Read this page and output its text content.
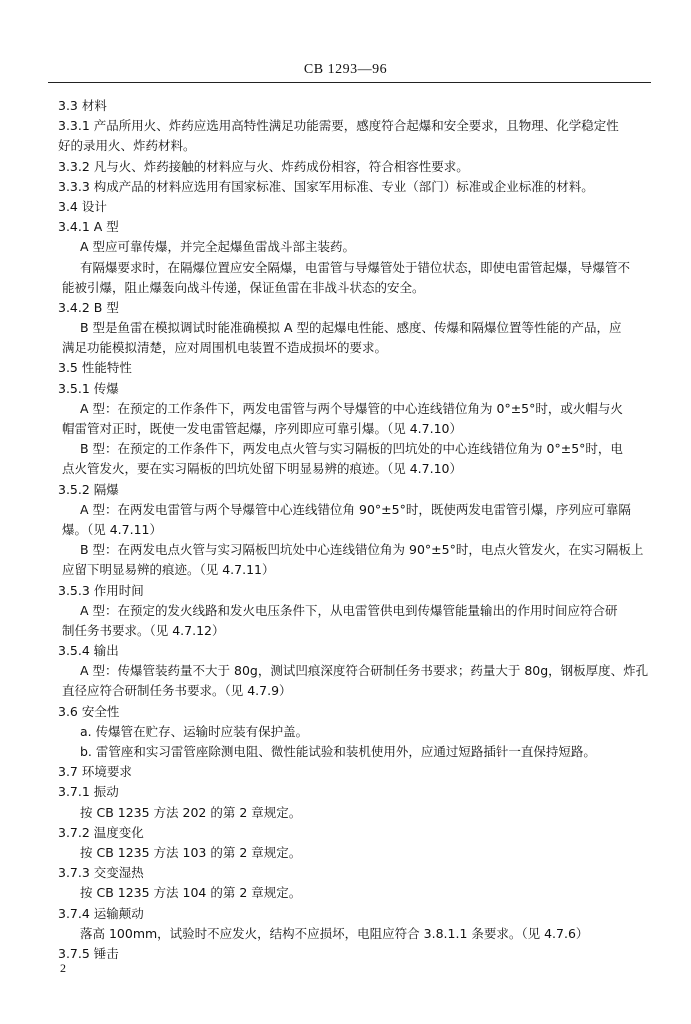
CB 1293—96
3.3 材料
3.3.1 产品所用火、炸药应选用高特性满足功能需要，感度符合起爆和安全要求，且物理、化学稳定性
好的录用火、炸药材料。
3.3.2 凡与火、炸药接触的材料应与火、炸药成份相容，符合相容性要求。
3.3.3 构成产品的材料应选用有国家标准、国家军用标准、专业（部门）标准或企业标准的材料。
3.4 设计
3.4.1 A 型
A 型应可靠传爆，并完全起爆鱼雷战斗部主装药。
有隔爆要求时，在隔爆位置应安全隔爆，电雷管与导爆管处于错位状态，即使电雷管起爆，导爆管不
能被引爆，阻止爆轰向战斗传递，保证鱼雷在非战斗状态的安全。
3.4.2 B 型
B 型是鱼雷在模拟调试时能准确模拟 A 型的起爆电性能、感度、传爆和隔爆位置等性能的产品，应
满足功能模拟清楚，应对周围机电装置不造成损坏的要求。
3.5 性能特性
3.5.1 传爆
A 型：在预定的工作条件下，两发电雷管与两个导爆管的中心连线错位角为 0°±5°时，或火帽与火
帽雷管对正时，既使一发电雷管起爆，序列即应可靠引爆。（见 4.7.10）
B 型：在预定的工作条件下，两发电点火管与实习隔板的凹坑处的中心连线错位角为 0°±5°时，电
点火管发火，要在实习隔板的凹坑处留下明显易辨的痕迹。（见 4.7.10）
3.5.2 隔爆
A 型：在两发电雷管与两个导爆管中心连线错位角 90°±5°时，既使两发电雷管引爆，序列应可靠隔
爆。（见 4.7.11）
B 型：在两发电点火管与实习隔板凹坑处中心连线错位角为 90°±5°时，电点火管发火，在实习隔板上
应留下明显易辨的痕迹。（见 4.7.11）
3.5.3 作用时间
A 型：在预定的发火线路和发火电压条件下，从电雷管供电到传爆管能量输出的作用时间应符合研
制任务书要求。（见 4.7.12）
3.5.4 输出
A 型：传爆管装药量不大于 80g，测试凹痕深度符合研制任务书要求；药量大于 80g，钢板厚度、炸孔
直径应符合研制任务书要求。（见 4.7.9）
3.6 安全性
a. 传爆管在贮存、运输时应装有保护盖。
b. 雷管座和实习雷管座除测电阻、微性能试验和装机使用外，应通过短路插针一直保持短路。
3.7 环境要求
3.7.1 振动
按 CB 1235 方法 202 的第 2 章规定。
3.7.2 温度变化
按 CB 1235 方法 103 的第 2 章规定。
3.7.3 交变湿热
按 CB 1235 方法 104 的第 2 章规定。
3.7.4 运输颠动
落高 100mm，试验时不应发火，结构不应损坏，电阻应符合 3.8.1.1 条要求。（见 4.7.6）
3.7.5 锤击
2
